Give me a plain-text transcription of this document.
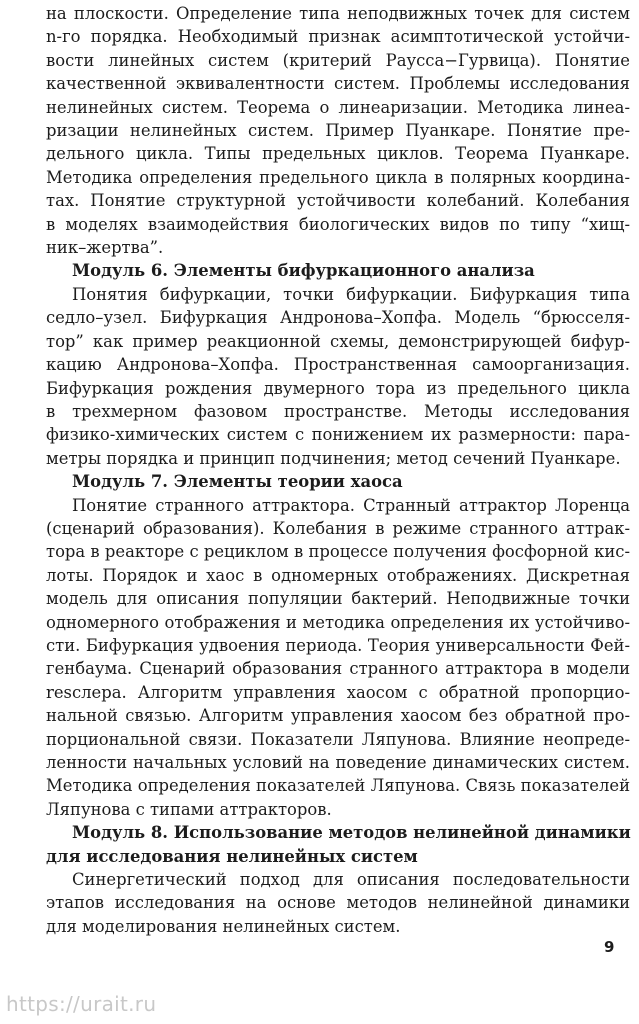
на плоскости. Определение типа неподвижных точек для систем
n-го порядка. Необходимый признак асимптотической устойчи-
вости линейных систем (критерий Раусса−Гурвица). Понятие
качественной эквивалентности систем. Проблемы исследования
нелинейных систем. Теорема о линеаризации. Методика линеа-
ризации нелинейных систем. Пример Пуанкаре. Понятие пре-
дельного цикла. Типы предельных циклов. Теорема Пуанкаре.
Методика определения предельного цикла в полярных координа-
тах. Понятие структурной устойчивости колебаний. Колебания
в моделях взаимодействия биологических видов по типу “хищ-
ник–жертва”.
Модуль 6. Элементы бифуркационного анализа
Понятия бифуркации, точки бифуркации. Бифуркация типа
седло–узел. Бифуркация Андронова–Хопфа. Модель “брюсселя-
тор” как пример реакционной схемы, демонстрирующей бифур-
кацию Андронова–Хопфа. Пространственная самоорганизация.
Бифуркация рождения двумерного тора из предельного цикла
в трехмерном фазовом пространстве. Методы исследования
физико-химических систем с понижением их размерности: пара-
метры порядка и принцип подчинения; метод сечений Пуанкаре.
Модуль 7. Элементы теории хаоса
Понятие странного аттрактора. Странный аттрактор Лоренца
(сценарий образования). Колебания в режиме странного аттрак-
тора в реакторе с рециклом в процессе получения фосфорной кис-
лоты. Порядок и хаос в одномерных отображениях. Дискретная
модель для описания популяции бактерий. Неподвижные точки
одномерного отображения и методика определения их устойчиво-
сти. Бифуркация удвоения периода. Теория универсальности Фей-
генбаума. Сценарий образования странного аттрактора в модели
resслера. Алгоритм управления хаосом с обратной пропорцио-
нальной связью. Алгоритм управления хаосом без обратной про-
порциональной связи. Показатели Ляпунова. Влияние неопреде-
ленности начальных условий на поведение динамических систем.
Методика определения показателей Ляпунова. Связь показателей
Ляпунова с типами аттракторов.
Модуль 8. Использование методов нелинейной динамики
для исследования нелинейных систем
Синергетический подход для описания последовательности
этапов исследования на основе методов нелинейной динамики
для моделирования нелинейных систем.
9
https://urait.ru
